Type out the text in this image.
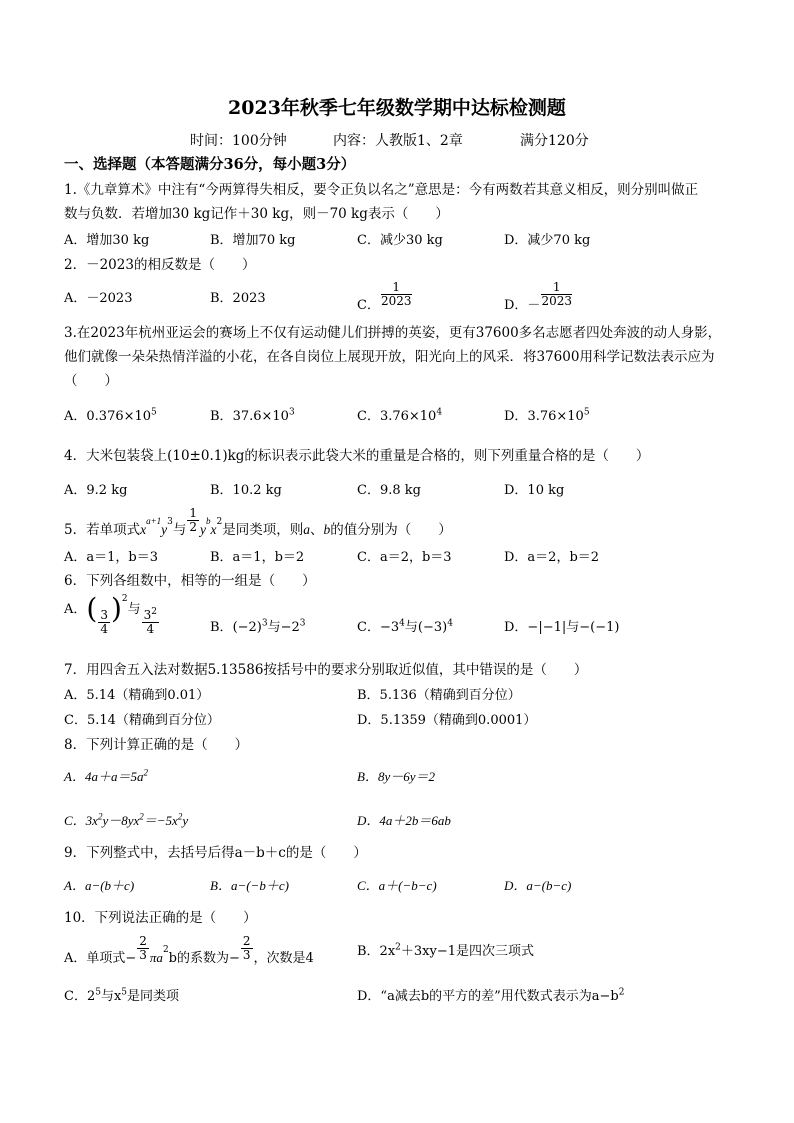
2023年秋季七年级数学期中达标检测题
时间：100分钟	内容：人教版1、2章	满分120分
一、选择题（本答题满分36分，每小题3分）
1.《九章算术》中注有“今两算得失相反，要令正负以名之”意思是：今有两数若其意义相反，则分别叫做正
数与负数．若增加30 kg记作＋30 kg，则－70 kg表示（　　）
A．增加30 kg	B．增加70 kg	C．减少30 kg	D．减少70 kg
2．－2023的相反数是（　　）
A．－2023	B．2023	C． $\frac{1}{2023}$	D．－ $\frac{1}{2023}$
3.在2023年杭州亚运会的赛场上不仅有运动健儿们拼搏的英姿，更有37600多名志愿者四处奔波的动人身影，
他们就像一朵朵热情洋溢的小花，在各自岗位上展现开放，阳光向上的风采．将37600用科学记数法表示应为
（　　）
A．$0.376\times 10^5$	B．$37.6\times 10^3$	C．$3.76\times 10^4$	D．$3.76\times 10^5$
4．大米包装袋上(10±0.1)kg的标识表示此袋大米的重量是合格的，则下列重量合格的是（　　）
A．9.2 kg	B．10.2 kg	C．9.8 kg	D．10 kg
5．若单项式$x^{a+1}y^3$与 $\frac{1}{2} y^bx^2$是同类项，则a、b的值分别为（　　）
A．a＝1，b＝3	B．a＝1，b＝2	C．a＝2，b＝3	D．a＝2，b＝2
6．下列各组数中，相等的一组是（　　）
A．( $\frac{3}{4} )^2$与 $\frac{3^2}{4}$	B．$(-2)^3$与$-2^3$	C．$-3^4$与$(-3)^4$	D．−|−1|与−(−1)
7．用四舍五入法对数据5.13586按括号中的要求分别取近似值，其中错误的是（　　）
A．5.14（精确到0.01）	B．5.136（精确到百分位）
C．5.14（精确到百分位）	D．5.1359（精确到0.0001）
8．下列计算正确的是（　　）
A．$4a+a=5a^2$	B．8y－6y＝2
C．$3x^2y-8yx^2=-5x^2y$	D．4a＋2b＝6ab
9．下列整式中，去括号后得a－b＋c的是（　　）
A．a−(b＋c)	B．a−(−b＋c)	C．a＋(−b−c)	D．a−(b−c)
10．下列说法正确的是（　　）
A．单项式− $\frac{2}{3} \pi a^2b$的系数为− $\frac{2}{3}$ ，次数是4	B．$2x^2+3xy-1$是四次三项式
C．$2^5$与$x^5$是同类项	D．“a减去b的平方的差”用代数式表示为$a-b^2$
